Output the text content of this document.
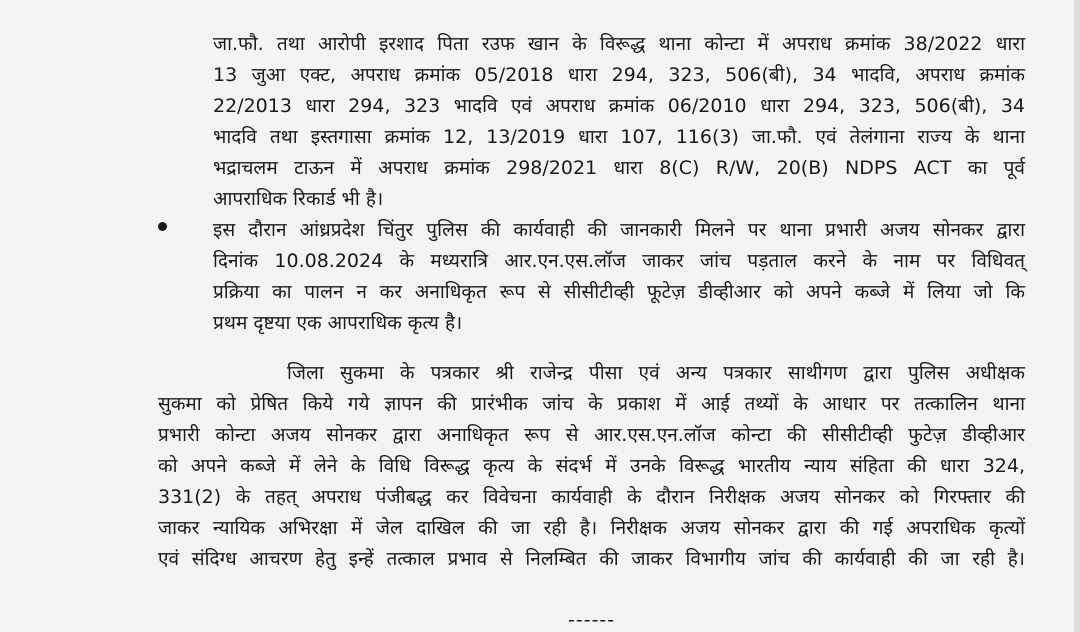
जा.फौ. तथा आरोपी इरशाद पिता रउफ खान के विरूद्ध थाना कोन्टा में अपराध क्रमांक 38/2022 धारा
13 जुआ एक्ट, अपराध क्रमांक 05/2018 धारा 294, 323, 506(बी), 34 भादवि, अपराध क्रमांक
22/2013 धारा 294, 323 भादवि एवं अपराध क्रमांक 06/2010 धारा 294, 323, 506(बी), 34
भादवि तथा इस्तगासा क्रमांक 12, 13/2019 धारा 107, 116(3) जा.फौ. एवं तेलंगाना राज्य के थाना
भद्राचलम टाऊन में अपराध क्रमांक 298/2021 धारा 8(C) R/W, 20(B) NDPS ACT का पूर्व
आपराधिक रिकार्ड भी है।
इस दौरान आंध्रप्रदेश चिंतुर पुलिस की कार्यवाही की जानकारी मिलने पर थाना प्रभारी अजय सोनकर द्वारा
दिनांक 10.08.2024 के मध्यरात्रि आर.एन.एस.लॉज जाकर जांच पड़ताल करने के नाम पर विधिवत्
प्रक्रिया का पालन न कर अनाधिकृत रूप से सीसीटीव्ही फूटेज़ डीव्हीआर को अपने कब्जे में लिया जो कि
प्रथम दृष्टया एक आपराधिक कृत्य है।
जिला सुकमा के पत्रकार श्री राजेन्द्र पीसा एवं अन्य पत्रकार साथीगण द्वारा पुलिस अधीक्षक
सुकमा को प्रेषित किये गये ज्ञापन की प्रारंभीक जांच के प्रकाश में आई तथ्यों के आधार पर तत्कालिन थाना
प्रभारी कोन्टा अजय सोनकर द्वारा अनाधिकृत रूप से आर.एस.एन.लॉज कोन्टा की सीसीटीव्ही फुटेज़ डीव्हीआर
को अपने कब्जे में लेने के विधि विरूद्ध कृत्य के संदर्भ में उनके विरूद्ध भारतीय न्याय संहिता की धारा 324,
331(2) के तहत् अपराध पंजीबद्ध कर विवेचना कार्यवाही के दौरान निरीक्षक अजय सोनकर को गिरफ्तार की
जाकर न्यायिक अभिरक्षा में जेल दाखिल की जा रही है। निरीक्षक अजय सोनकर द्वारा की गई अपराधिक कृत्यों
एवं संदिग्ध आचरण हेतु इन्हें तत्काल प्रभाव से निलम्बित की जाकर विभागीय जांच की कार्यवाही की जा रही है।
------
